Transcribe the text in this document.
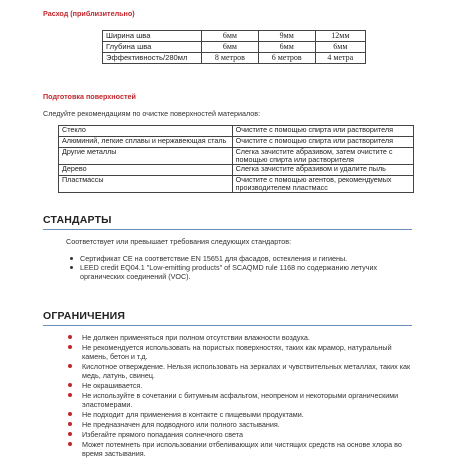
Расход (приблизительно)
Ширина шва	6мм	9мм	12мм
Глубина шва	6мм	6мм	6мм
Эффективность/280мл	8 метров	6 метров	4 метра
Подготовка поверхностей
Следуйте рекомендациям по очистке поверхностей материалов:
Стекло	Очистите с помощью спирта или растворителя
Алюминий, легкие сплавы и нержавеющая сталь	Очистите с помощью спирта или растворителя
Другие металлы	Слегка зачистите абразивом, затем очистите с помощью спирта или растворителя
Дерево	Слегка зачистите абразивом и удалите пыль
Пластмассы	Очистите с помощью агентов, рекомендуемых производителем пластмасс
СТАНДАРТЫ
Соответствует или превышает требования следующих стандартов:
Сертификат CE на соответствие EN 15651 для фасадов, остекления и гигиены.
LEED credit EQ04.1 "Low-emitting products" of SCAQMD rule 1168 по содержанию летучих органических соединений (VOC).
ОГРАНИЧЕНИЯ
Не должен применяться при полном отсутствии влажности воздуха.
Не рекомендуется использовать на пористых поверхностях, таких как мрамор, натуральный камень, бетон и т.д.
Кислотное отверждение. Нельзя использовать на зеркалах и чувствительных металлах, таких как медь, латунь, свинец.
Не окрашивается.
Не используйте в сочетании с битумным асфальтом, неопреном и некоторыми органическими эластомерами.
Не подходит для применения в контакте с пищевыми продуктами.
Не предназначен для подводного или полного застывания.
Избегайте прямого попадания солнечного света
Может потемнеть при использовании отбеливающих или чистящих средств на основе хлора во время застывания.
